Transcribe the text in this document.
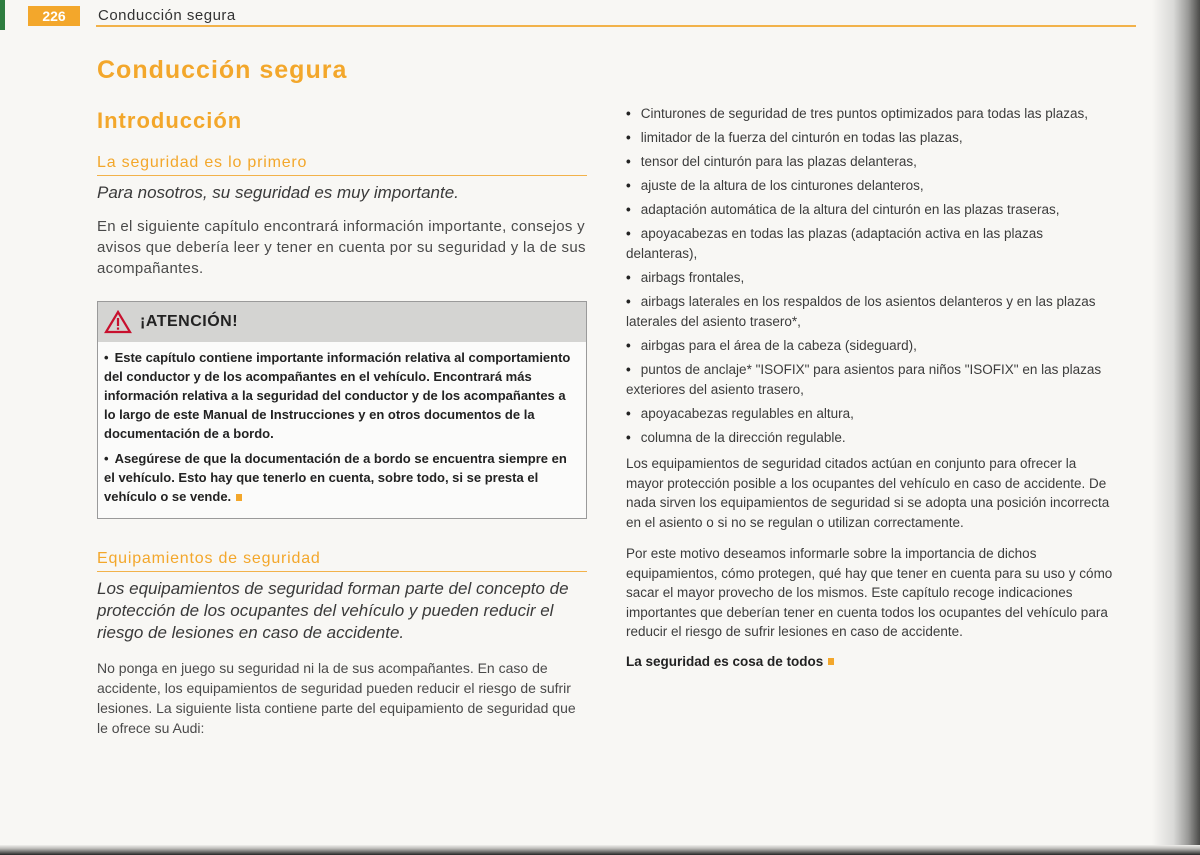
226	Conducción segura
Conducción segura
Introducción
La seguridad es lo primero

Para nosotros, su seguridad es muy importante.

En el siguiente capítulo encontrará información importante, consejos y avisos que debería leer y tener en cuenta por su seguridad y la de sus acompañantes.

¡ATENCIÓN!

• Este capítulo contiene importante información relativa al comportamiento del conductor y de los acompañantes en el vehículo. Encontrará más información relativa a la seguridad del conductor y de los acompañantes a lo largo de este Manual de Instrucciones y en otros documentos de la documentación de a bordo.

• Asegúrese de que la documentación de a bordo se encuentra siempre en el vehículo. Esto hay que tenerlo en cuenta, sobre todo, si se presta el vehículo o se vende.

Equipamientos de seguridad

Los equipamientos de seguridad forman parte del concepto de protección de los ocupantes del vehículo y pueden reducir el riesgo de lesiones en caso de accidente.

No ponga en juego su seguridad ni la de sus acompañantes. En caso de accidente, los equipamientos de seguridad pueden reducir el riesgo de sufrir lesiones. La siguiente lista contiene parte del equipamiento de seguridad que le ofrece su Audi:

• Cinturones de seguridad de tres puntos optimizados para todas las plazas,
• limitador de la fuerza del cinturón en todas las plazas,
• tensor del cinturón para las plazas delanteras,
• ajuste de la altura de los cinturones delanteros,
• adaptación automática de la altura del cinturón en las plazas traseras,
• apoyacabezas en todas las plazas (adaptación activa en las plazas delanteras),
• airbags frontales,
• airbags laterales en los respaldos de los asientos delanteros y en las plazas laterales del asiento trasero*,
• airbgas para el área de la cabeza (sideguard),
• puntos de anclaje* "ISOFIX" para asientos para niños "ISOFIX" en las plazas exteriores del asiento trasero,
• apoyacabezas regulables en altura,
• columna de la dirección regulable.

Los equipamientos de seguridad citados actúan en conjunto para ofrecer la mayor protección posible a los ocupantes del vehículo en caso de accidente. De nada sirven los equipamientos de seguridad si se adopta una posición incorrecta en el asiento o si no se regulan o utilizan correctamente.

Por este motivo deseamos informarle sobre la importancia de dichos equipamientos, cómo protegen, qué hay que tener en cuenta para su uso y cómo sacar el mayor provecho de los mismos. Este capítulo recoge indicaciones importantes que deberían tener en cuenta todos los ocupantes del vehículo para reducir el riesgo de sufrir lesiones en caso de accidente.

La seguridad es cosa de todos
